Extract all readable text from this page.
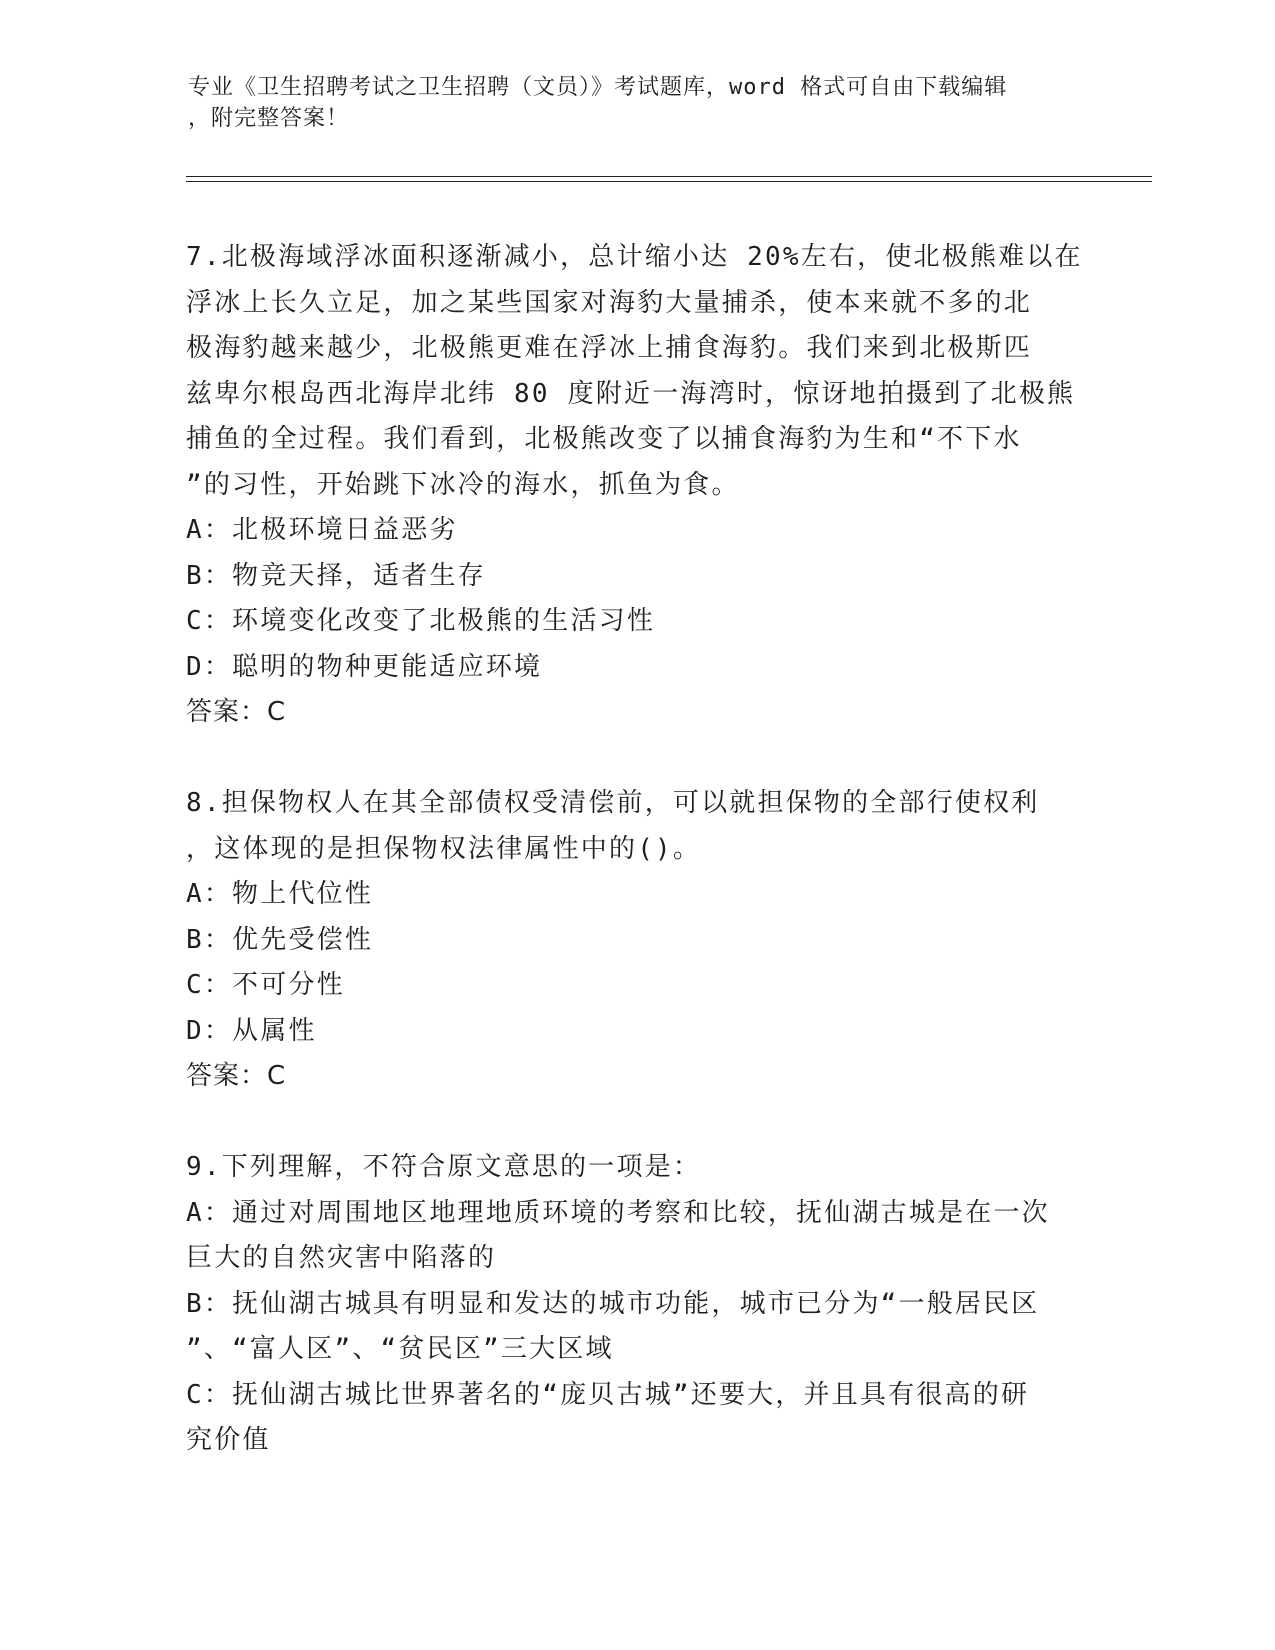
专业《卫生招聘考试之卫生招聘（文员）》考试题库，word 格式可自由下载编辑
，附完整答案！

7.北极海域浮冰面积逐渐减小，总计缩小达 20%左右，使北极熊难以在

浮冰上长久立足，加之某些国家对海豹大量捕杀，使本来就不多的北

极海豹越来越少，北极熊更难在浮冰上捕食海豹。我们来到北极斯匹

兹卑尔根岛西北海岸北纬 80 度附近一海湾时，惊讶地拍摄到了北极熊

捕鱼的全过程。我们看到，北极熊改变了以捕食海豹为生和“不下水

”的习性，开始跳下冰冷的海水，抓鱼为食。

A：北极环境日益恶劣

B：物竞天择，适者生存

C：环境变化改变了北极熊的生活习性

D：聪明的物种更能适应环境

答案：C

8.担保物权人在其全部债权受清偿前，可以就担保物的全部行使权利

，这体现的是担保物权法律属性中的()。

A：物上代位性

B：优先受偿性

C：不可分性

D：从属性

答案：C

9.下列理解，不符合原文意思的一项是：

A：通过对周围地区地理地质环境的考察和比较，抚仙湖古城是在一次

巨大的自然灾害中陷落的

B：抚仙湖古城具有明显和发达的城市功能，城市已分为“一般居民区

”、“富人区”、“贫民区”三大区域

C：抚仙湖古城比世界著名的“庞贝古城”还要大，并且具有很高的研

究价值
